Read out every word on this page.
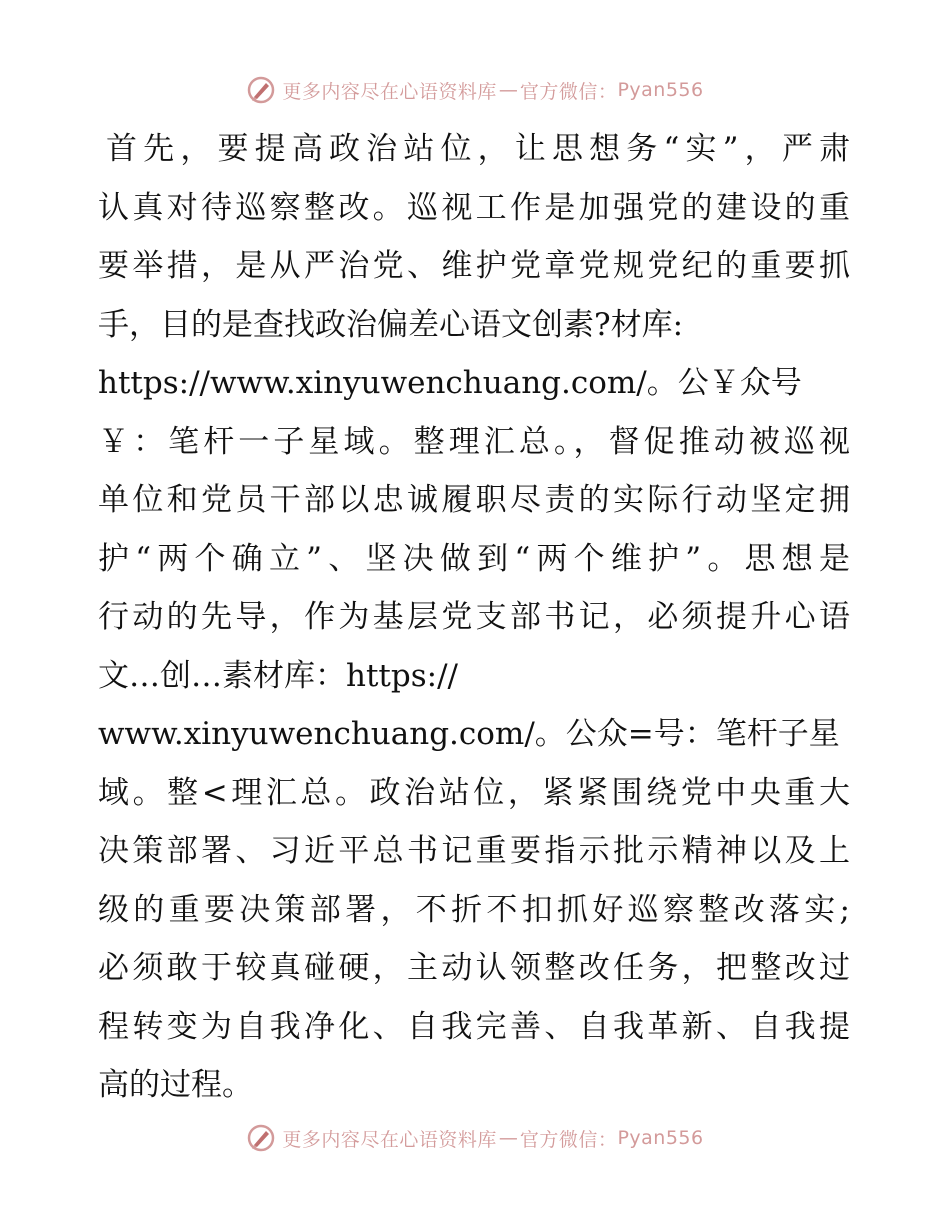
更多内容尽在心语资料库 — 官方微信： Pyan556
首先，要提高政治站位，让思想务“实”，严肃
认真对待巡察整改。巡视工作是加强党的建设的重
要举措，是从严治党、维护党章党规党纪的重要抓
手，目的是查找政治偏差心语文创素?材库:
https://www.xinyuwenchuang.com/。公￥众号
￥：笔杆一子星域。整理汇总。，督促推动被巡视
单位和党员干部以忠诚履职尽责的实际行动坚定拥
护“两个确立”、坚决做到“两个维护”。思想是
行动的先导，作为基层党支部书记，必须提升心语
文…创…素材库：https://
www.xinyuwenchuang.com/。公众=号：笔杆子星
域。整<理汇总。政治站位，紧紧围绕党中央重大
决策部署、习近平总书记重要指示批示精神以及上
级的重要决策部署，不折不扣抓好巡察整改落实;
必须敢于较真碰硬，主动认领整改任务，把整改过
程转变为自我净化、自我完善、自我革新、自我提
高的过程。
更多内容尽在心语资料库 — 官方微信： Pyan556
